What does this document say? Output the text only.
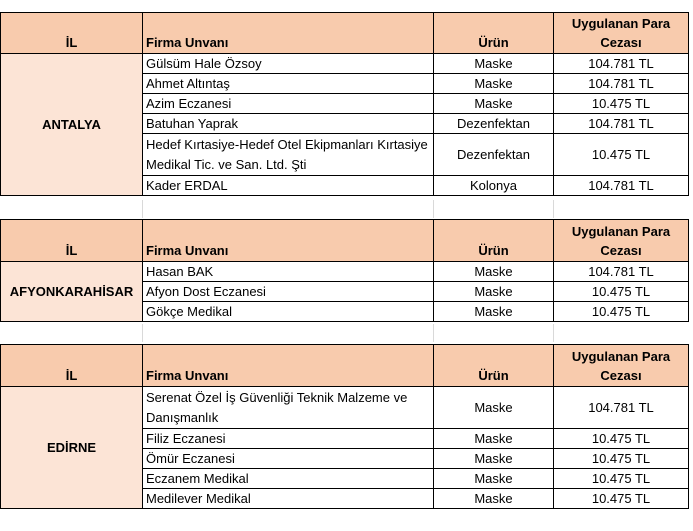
İL	Firma Unvanı	Ürün	Uygulanan Para
Cezası
ANTALYA	Gülsüm Hale Özsoy	Maske	104.781 TL
	Ahmet Altıntaş	Maske	104.781 TL
	Azim Eczanesi	Maske	10.475 TL
	Batuhan Yaprak	Dezenfektan	104.781 TL
	Hedef Kırtasiye-Hedef Otel Ekipmanları Kırtasiye Medikal Tic. ve San. Ltd. Şti	Dezenfektan	10.475 TL
	Kader ERDAL	Kolonya	104.781 TL
İL	Firma Unvanı	Ürün	Uygulanan Para
Cezası
AFYONKARAHİSAR	Hasan BAK	Maske	104.781 TL
	Afyon Dost Eczanesi	Maske	10.475 TL
	Gökçe Medikal	Maske	10.475 TL
İL	Firma Unvanı	Ürün	Uygulanan Para
Cezası
EDİRNE	Serenat Özel İş Güvenliği Teknik Malzeme ve Danışmanlık	Maske	104.781 TL
	Filiz Eczanesi	Maske	10.475 TL
	Ömür Eczanesi	Maske	10.475 TL
	Eczanem Medikal	Maske	10.475 TL
	Medilever Medikal	Maske	10.475 TL
